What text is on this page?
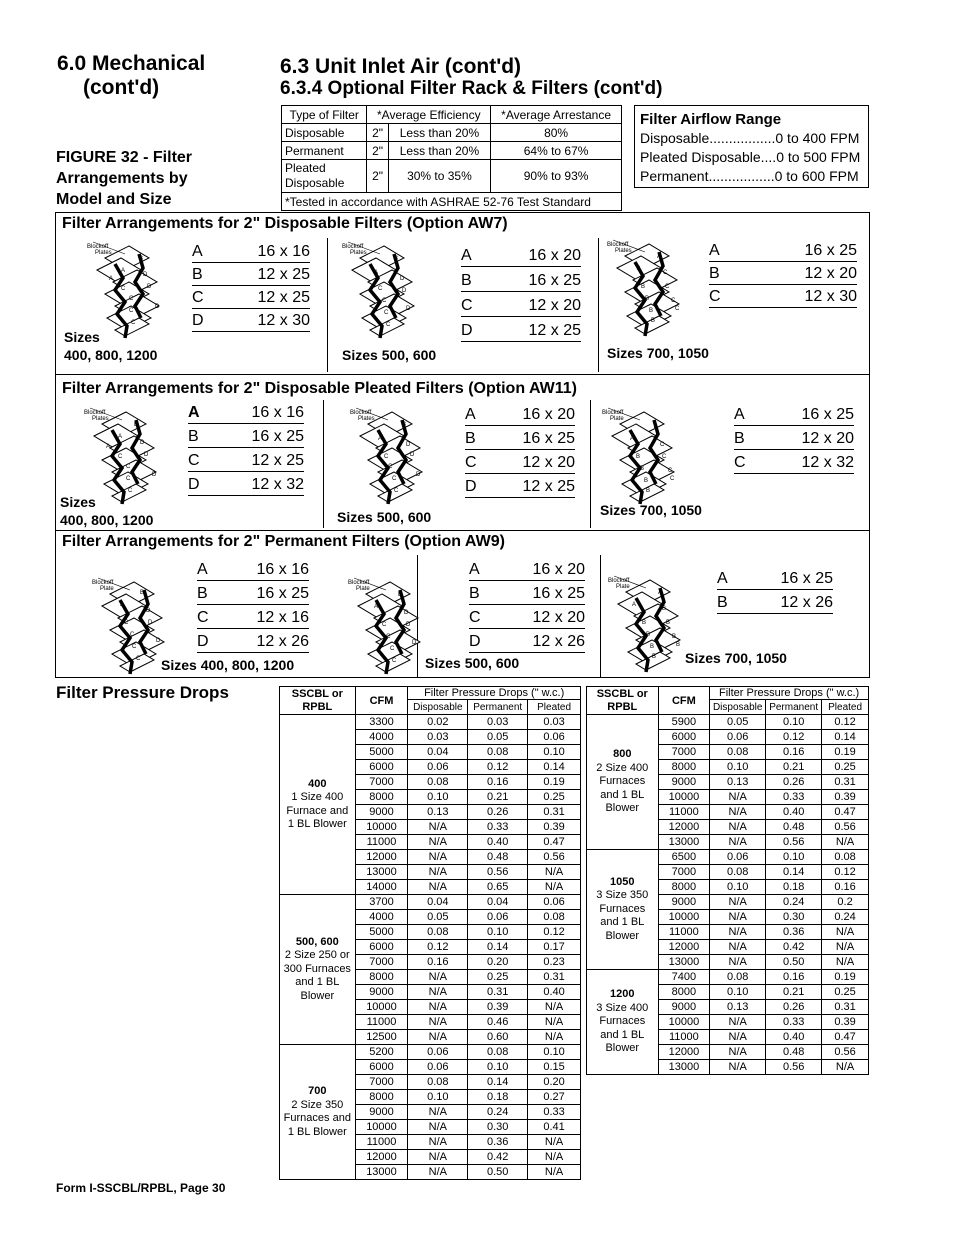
6.0 Mechanical
(cont'd)
6.3 Unit Inlet Air (cont'd)
6.3.4 Optional Filter Rack & Filters (cont'd)
FIGURE 32 - Filter
Arrangements by
Model and Size
Type of Filter	*Average Efficiency		*Average Arrestance
Disposable	2"	Less than 20%	80%
Permanent	2"	Less than 20%	64% to 67%

Pleated
Disposable	2"	30% to 35%	90% to 93%
*Tested in accordance with ASHRAE 52-76 Test Standard			
Filter Airflow Range
Disposable.................0 to 400 FPM
Pleated Disposable....0 to 500 FPM
Permanent.................0 to 600 FPM
Filter Arrangements for 2" Disposable Filters (Option AW7)
Filter Arrangements for 2" Disposable Pleated Filters (Option AW11)
Filter Arrangements for 2" Permanent Filters (Option AW9)
Blockoff
Plates
B
A
A
D
D
C
C
D
C
C
Blockoff
Plates
B
A
D
D
C
C
D
C
C
Blockoff
Plates
A
A
C
B	C
B	C
B	C
B
A	16 x 16
B	12 x 25
C	12 x 25
D	12 x 30
A	16 x 20
B	16 x 25
C	12 x 20
D	12 x 25
A	16 x 25
B	12 x 20
C	12 x 30
Sizes
400, 800, 1200	Sizes 500, 600	Sizes 700, 1050
Blockoff
Plates
B
A
A
D
D
C
C
D
C
C
Blockoff
Plates
B
A
D
D
C
C
D
C
C
Blockoff
Plate
A
A
C
B	C
B	C
B	C
B
A	16 x 16
B	16 x 25
C	12 x 25
D	12 x 32
A	16 x 20
B	16 x 25
C	12 x 20
D	12 x 25
A	16 x 25
B	12 x 20
C	12 x 32
Sizes
400, 800, 1200	Sizes 500, 600	Sizes 700, 1050
Blockoff
Plate
B
A
D
D
C
C
D
C
C
Blockoff
Plate
B
A
D
D
C
C
D
C
C
Blockoff
Plate
A
A
B
B	B
B	B
B	B
B
A	16 x 16
B	16 x 25
C	12 x 16
D	12 x 26
A	16 x 20
B	16 x 25
C	12 x 20
D	12 x 26
A	16 x 25
B	12 x 26
Sizes 400, 800, 1200	Sizes 500, 600	Sizes 700, 1050
Filter Pressure Drops	SSCBL or RPBL	CFM	Filter Pressure Drops (" w.c.)		
		Disposable	Permanent	Pleated
400
1 Size 400
Furnace and
1 BL Blower	3300	0.02	0.03	0.03
	4000	0.03	0.05	0.06
	5000	0.04	0.08	0.10
	6000	0.06	0.12	0.14
	7000	0.08	0.16	0.19
	8000	0.10	0.21	0.25
	9000	0.13	0.26	0.31
	10000	N/A	0.33	0.39
	11000	N/A	0.40	0.47
	12000	N/A	0.48	0.56
	13000	N/A	0.56	N/A
	14000	N/A	0.65	N/A
500, 600
2 Size 250 or
300 Furnaces
and 1 BL
Blower	3700	0.04	0.04	0.06
	4000	0.05	0.06	0.08
	5000	0.08	0.10	0.12
	6000	0.12	0.14	0.17
	7000	0.16	0.20	0.23
	8000	N/A	0.25	0.31
	9000	N/A	0.31	0.40
	10000	N/A	0.39	N/A
	11000	N/A	0.46	N/A
	12500	N/A	0.60	N/A
700
2 Size 350
Furnaces and
1 BL Blower	5200	0.06	0.08	0.10
	6000	0.06	0.10	0.15
	7000	0.08	0.14	0.20
	8000	0.10	0.18	0.27
	9000	N/A	0.24	0.33
	10000	N/A	0.30	0.41
	11000	N/A	0.36	N/A
	12000	N/A	0.42	N/A
	13000	N/A	0.50	N/A
SSCBL or RPBL	CFM	Filter Pressure Drops (" w.c.)		
		Disposable	Permanent	Pleated
800
2 Size 400
Furnaces
and 1 BL
Blower	5900	0.05	0.10	0.12
	6000	0.06	0.12	0.14
	7000	0.08	0.16	0.19
	8000	0.10	0.21	0.25
	9000	0.13	0.26	0.31
	10000	N/A	0.33	0.39
	11000	N/A	0.40	0.47
	12000	N/A	0.48	0.56
	13000	N/A	0.56	N/A
1050
3 Size 350
Furnaces
and 1 BL
Blower	6500	0.06	0.10	0.08
	7000	0.08	0.14	0.12
	8000	0.10	0.18	0.16
	9000	N/A	0.24	0.2
	10000	N/A	0.30	0.24
	11000	N/A	0.36	N/A
	12000	N/A	0.42	N/A
	13000	N/A	0.50	N/A
1200
3 Size 400
Furnaces
and 1 BL
Blower	7400	0.08	0.16	0.19
	8000	0.10	0.21	0.25
	9000	0.13	0.26	0.31
	10000	N/A	0.33	0.39
	11000	N/A	0.40	0.47
	12000	N/A	0.48	0.56
	13000	N/A	0.56	N/A
Form I-SSCBL/RPBL, Page 30
